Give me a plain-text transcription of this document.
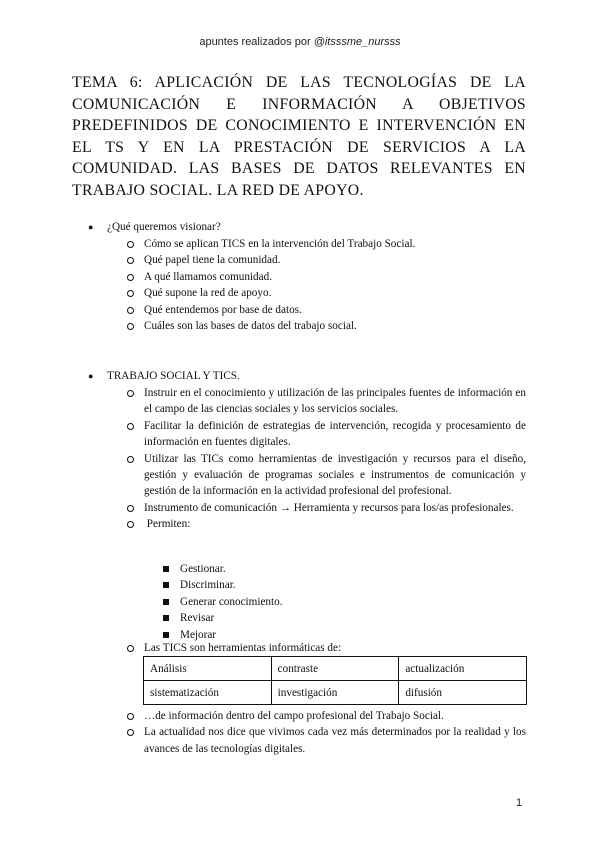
apuntes realizados por @itsssme_nursss
TEMA 6: APLICACIÓN DE LAS TECNOLOGÍAS DE LA COMUNICACIÓN E INFORMACIÓN A OBJETIVOS PREDEFINIDOS DE CONOCIMIENTO E INTERVENCIÓN EN EL TS Y EN LA PRESTACIÓN DE SERVICIOS A LA COMUNIDAD. LAS BASES DE DATOS RELEVANTES EN TRABAJO SOCIAL. LA RED DE APOYO.
● ¿Qué queremos visionar?
Cómo se aplican TICS en la intervención del Trabajo Social.
Qué papel tiene la comunidad.
A qué llamamos comunidad.
Qué supone la red de apoyo.
Qué entendemos por base de datos.
Cuáles son las bases de datos del trabajo social.
● TRABAJO SOCIAL Y TICS.
Instruir en el conocimiento y utilización de las principales fuentes de información en el campo de las ciencias sociales y los servicios sociales.
Facilitar la definición de estrategias de intervención, recogida y procesamiento de información en fuentes digitales.
Utilizar las TICs como herramientas de investigación y recursos para el diseño, gestión y evaluación de programas sociales e instrumentos de comunicación y gestión de la información en la actividad profesional del profesional.
Instrumento de comunicación → Herramienta y recursos para los/as profesionales.
Permiten:
Gestionar.
Discriminar.
Generar conocimiento.
Revisar
Mejorar
Las TICS son herramientas informáticas de:
Análisis	contraste	actualización
sistematización	investigación	difusión
…de información dentro del campo profesional del Trabajo Social.
La actualidad nos dice que vivimos cada vez más determinados por la realidad y los avances de las tecnologías digitales.
1
